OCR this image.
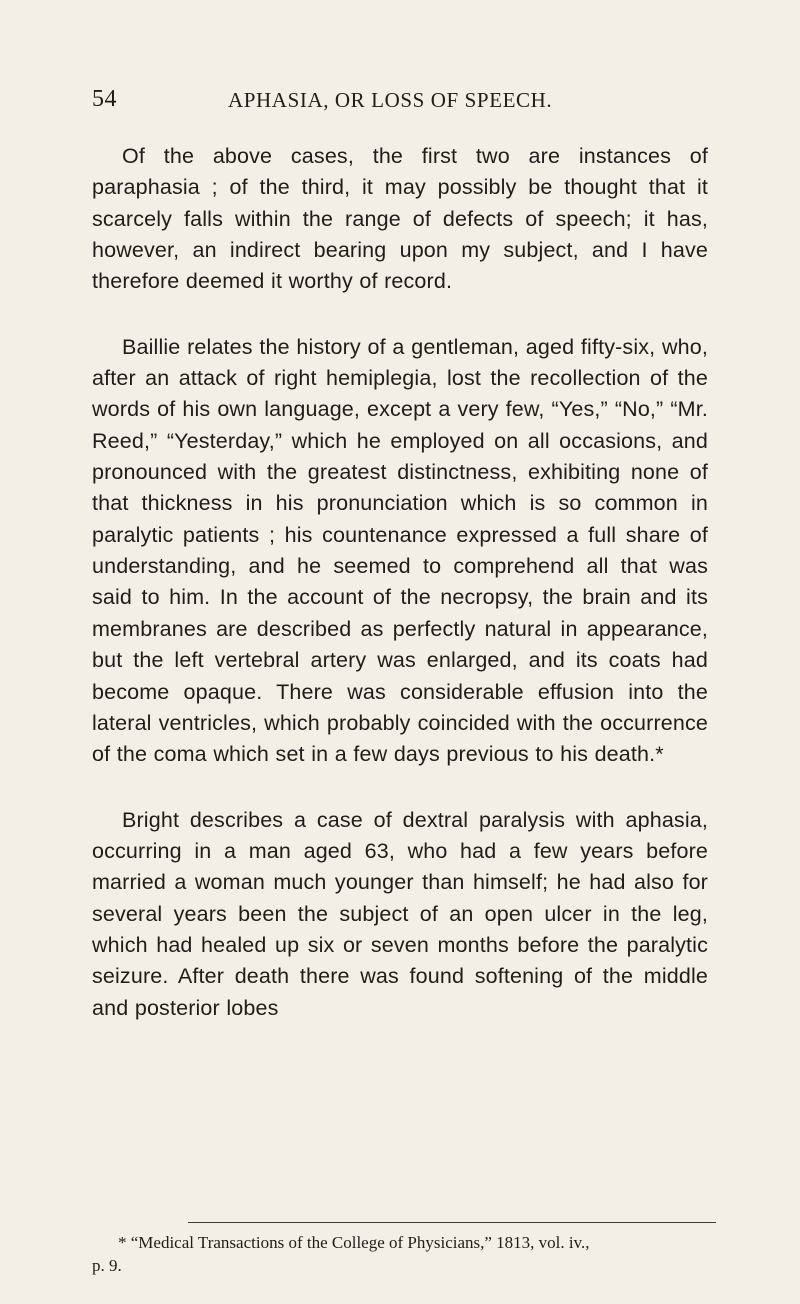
54	APHASIA, OR LOSS OF SPEECH.

Of the above cases, the first two are instances of paraphasia ; of the third, it may possibly be thought that it scarcely falls within the range of defects of speech; it has, however, an indirect bearing upon my subject, and I have therefore deemed it worthy of record.

Baillie relates the history of a gentleman, aged fifty-six, who, after an attack of right hemiplegia, lost the recollection of the words of his own language, except a very few, “Yes,” “No,” “Mr. Reed,” “Yesterday,” which he employed on all occasions, and pronounced with the greatest distinctness, exhibiting none of that thickness in his pronunciation which is so common in paralytic patients ; his countenance expressed a full share of understanding, and he seemed to comprehend all that was said to him. In the account of the necropsy, the brain and its membranes are described as perfectly natural in appearance, but the left vertebral artery was enlarged, and its coats had become opaque. There was considerable effusion into the lateral ventricles, which probably coincided with the occurrence of the coma which set in a few days previous to his death.*

Bright describes a case of dextral paralysis with aphasia, occurring in a man aged 63, who had a few years before married a woman much younger than himself; he had also for several years been the subject of an open ulcer in the leg, which had healed up six or seven months before the paralytic seizure. After death there was found softening of the middle and posterior lobes

* “Medical Transactions of the College of Physicians,” 1813, vol. iv.,

p. 9.
